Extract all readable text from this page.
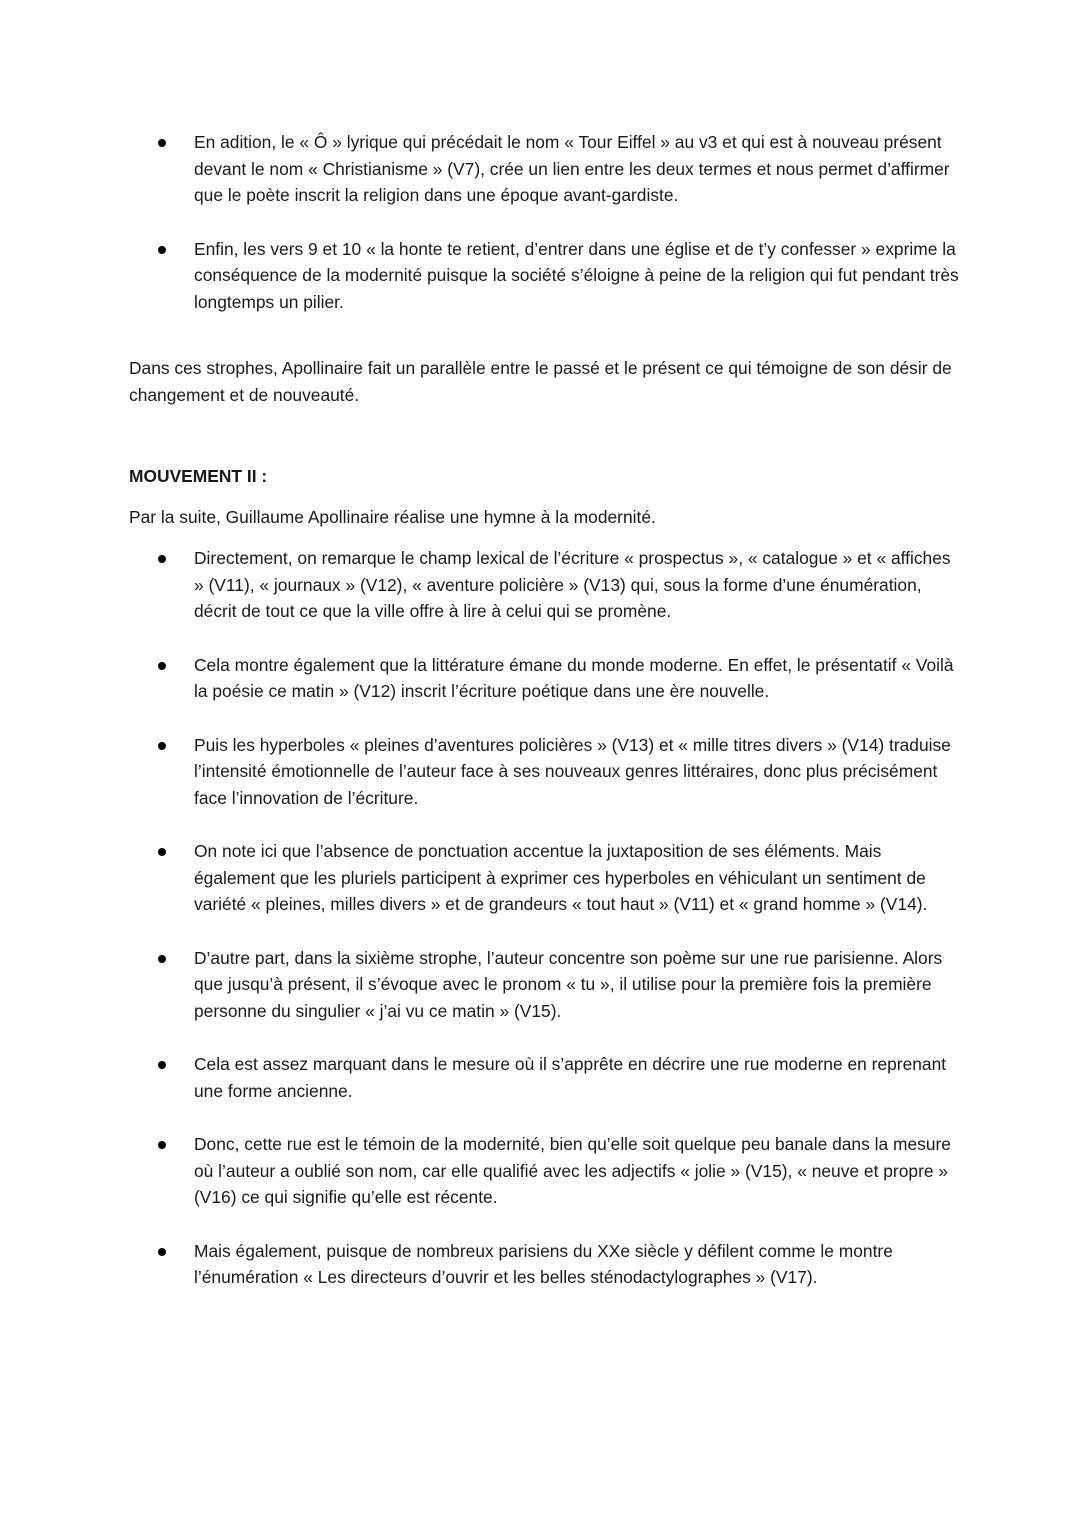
En adition, le « Ô » lyrique qui précédait le nom « Tour Eiffel » au v3 et qui est à nouveau présent devant le nom « Christianisme » (V7), crée un lien entre les deux termes et nous permet d’affirmer que le poète inscrit la religion dans une époque avant-gardiste.
Enfin, les vers 9 et 10 « la honte te retient, d’entrer dans une église et de t’y confesser » exprime la conséquence de la modernité puisque la société s’éloigne à peine de la religion qui fut pendant très longtemps un pilier.

Dans ces strophes, Apollinaire fait un parallèle entre le passé et le présent ce qui témoigne de son désir de changement et de nouveauté.

MOUVEMENT II :

Par la suite, Guillaume Apollinaire réalise une hymne à la modernité.

Directement, on remarque le champ lexical de l’écriture « prospectus », « catalogue » et « affiches » (V11), « journaux » (V12), « aventure policière » (V13) qui, sous la forme d’une énumération, décrit de tout ce que la ville offre à lire à celui qui se promène.
Cela montre également que la littérature émane du monde moderne. En effet, le présentatif « Voilà la poésie ce matin » (V12) inscrit l’écriture poétique dans une ère nouvelle.
Puis les hyperboles « pleines d’aventures policières » (V13) et « mille titres divers » (V14) traduise l’intensité émotionnelle de l’auteur face à ses nouveaux genres littéraires, donc plus précisément face l’innovation de l’écriture.
On note ici que l’absence de ponctuation accentue la juxtaposition de ses éléments. Mais également que les pluriels participent à exprimer ces hyperboles en véhiculant un sentiment de variété « pleines, milles divers » et de grandeurs « tout haut » (V11) et « grand homme » (V14).
D’autre part, dans la sixième strophe, l’auteur concentre son poème sur une rue parisienne. Alors que jusqu’à présent, il s’évoque avec le pronom « tu », il utilise pour la première fois la première personne du singulier « j’ai vu ce matin » (V15).
Cela est assez marquant dans le mesure où il s’apprête en décrire une rue moderne en reprenant une forme ancienne.
Donc, cette rue est le témoin de la modernité, bien qu’elle soit quelque peu banale dans la mesure où l’auteur a oublié son nom, car elle qualifié avec les adjectifs « jolie » (V15), « neuve et propre » (V16) ce qui signifie qu’elle est récente.
Mais également, puisque de nombreux parisiens du XXe siècle y défilent comme le montre l’énumération « Les directeurs d’ouvrir et les belles sténodactylographes » (V17).
